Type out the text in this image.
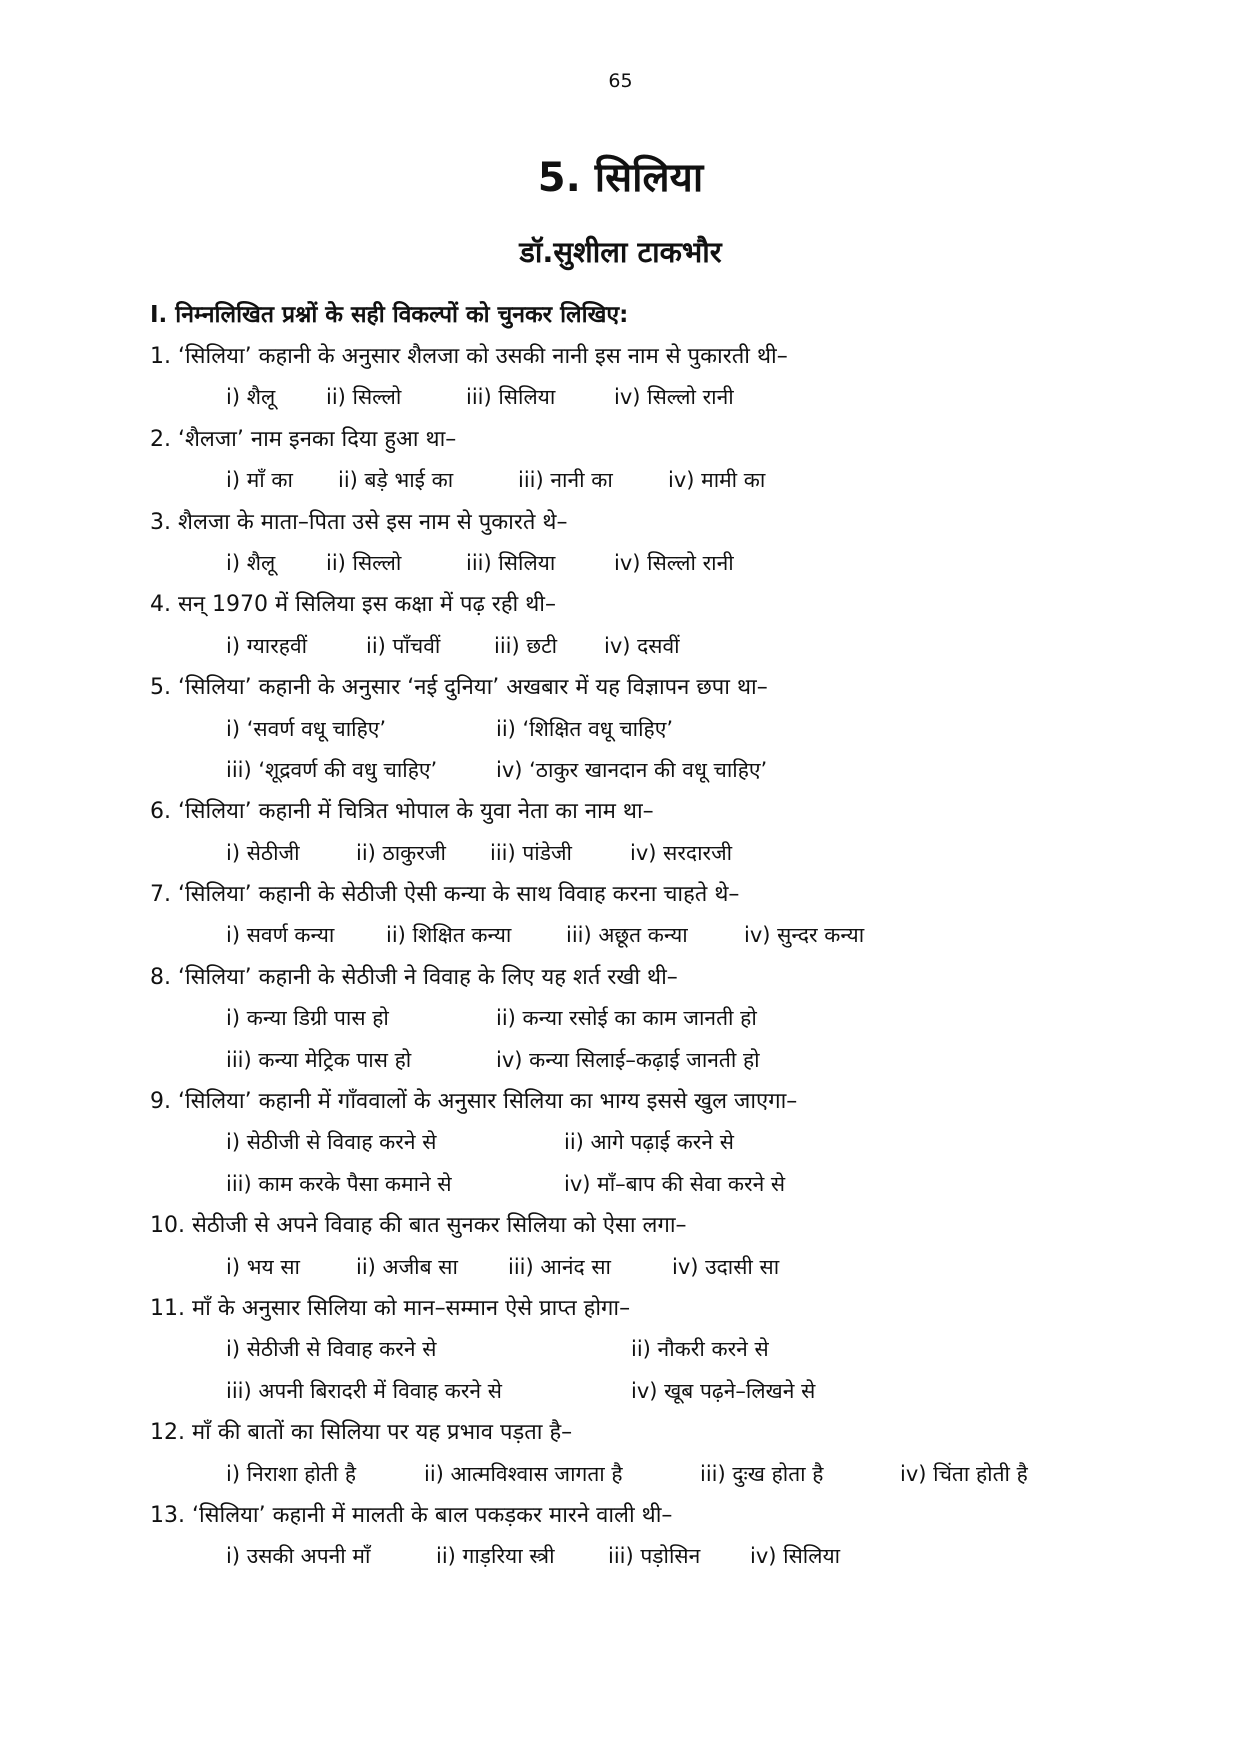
65
5. सिलिया
डॉ.सुशीला टाकभौर
I. निम्नलिखित प्रश्नों के सही विकल्पों को चुनकर लिखिए:
1. ‘सिलिया’ कहानी के अनुसार शैलजा को उसकी नानी इस नाम से पुकारती थी–
i) शैलू	ii) सिल्लो	iii) सिलिया	iv) सिल्लो रानी
2. ‘शैलजा’ नाम इनका दिया हुआ था–
i) माँ का	ii) बड़े भाई का	iii) नानी का	iv) मामी का
3. शैलजा के माता–पिता उसे इस नाम से पुकारते थे–
i) शैलू	ii) सिल्लो	iii) सिलिया	iv) सिल्लो रानी
4. सन् 1970 में सिलिया इस कक्षा में पढ़ रही थी–
i) ग्यारहवीं	ii) पाँचवीं	iii) छटी	iv) दसवीं
5. ‘सिलिया’ कहानी के अनुसार ‘नई दुनिया’ अखबार में यह विज्ञापन छपा था–
i) ‘सवर्ण वधू चाहिए’	ii) ‘शिक्षित वधू चाहिए’
iii) ‘शूद्रवर्ण की वधु चाहिए’	iv) ‘ठाकुर खानदान की वधू चाहिए’
6. ‘सिलिया’ कहानी में चित्रित भोपाल के युवा नेता का नाम था–
i) सेठीजी	ii) ठाकुरजी	iii) पांडेजी	iv) सरदारजी
7. ‘सिलिया’ कहानी के सेठीजी ऐसी कन्या के साथ विवाह करना चाहते थे–
i) सवर्ण कन्या	ii) शिक्षित कन्या	iii) अछूत कन्या	iv) सुन्दर कन्या
8. ‘सिलिया’ कहानी के सेठीजी ने विवाह के लिए यह शर्त रखी थी–
i) कन्या डिग्री पास हो	ii) कन्या रसोई का काम जानती हो
iii) कन्या मेट्रिक पास हो	iv) कन्या सिलाई–कढ़ाई जानती हो
9. ‘सिलिया’ कहानी में गाँववालों के अनुसार सिलिया का भाग्य इससे खुल जाएगा–
i) सेठीजी से विवाह करने से	ii) आगे पढ़ाई करने से
iii) काम करके पैसा कमाने से	iv) माँ–बाप की सेवा करने से
10. सेठीजी से अपने विवाह की बात सुनकर सिलिया को ऐसा लगा–
i) भय सा	ii) अजीब सा	iii) आनंद सा	iv) उदासी सा
11. माँ के अनुसार सिलिया को मान–सम्मान ऐसे प्राप्त होगा–
i) सेठीजी से विवाह करने से	ii) नौकरी करने से
iii) अपनी बिरादरी में विवाह करने से	iv) खूब पढ़ने–लिखने से
12. माँ की बातों का सिलिया पर यह प्रभाव पड़ता है–
i) निराशा होती है	ii) आत्मविश्वास जागता है	iii) दुःख होता है	iv) चिंता होती है
13. ‘सिलिया’ कहानी में मालती के बाल पकड़कर मारने वाली थी–
i) उसकी अपनी माँ	ii) गाड़रिया स्त्री	iii) पड़ोसिन	iv) सिलिया
